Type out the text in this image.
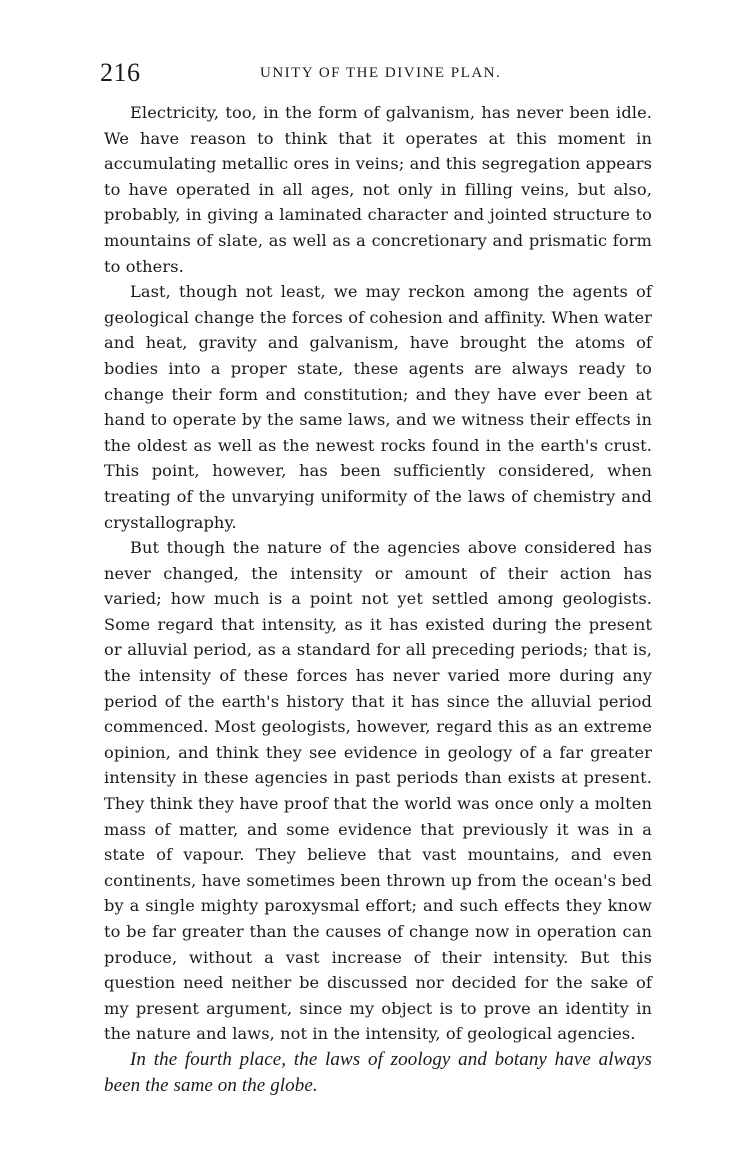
216	UNITY OF THE DIVINE PLAN.

Electricity, too, in the form of galvanism, has never been idle. We have reason to think that it operates at this moment in accumulating metallic ores in veins; and this segregation appears to have operated in all ages, not only in filling veins, but also, probably, in giving a laminated character and jointed structure to mountains of slate, as well as a concretionary and prismatic form to others.

Last, though not least, we may reckon among the agents of geological change the forces of cohesion and affinity. When water and heat, gravity and galvanism, have brought the atoms of bodies into a proper state, these agents are always ready to change their form and constitution; and they have ever been at hand to operate by the same laws, and we witness their effects in the oldest as well as the newest rocks found in the earth's crust. This point, however, has been sufficiently considered, when treating of the unvarying uniformity of the laws of chemistry and crystallography.

But though the nature of the agencies above considered has never changed, the intensity or amount of their action has varied; how much is a point not yet settled among geologists. Some regard that intensity, as it has existed during the present or alluvial period, as a standard for all preceding periods; that is, the intensity of these forces has never varied more during any period of the earth's history that it has since the alluvial period commenced. Most geologists, however, regard this as an extreme opinion, and think they see evidence in geology of a far greater intensity in these agencies in past periods than exists at present. They think they have proof that the world was once only a molten mass of matter, and some evidence that previously it was in a state of vapour. They believe that vast mountains, and even continents, have sometimes been thrown up from the ocean's bed by a single mighty paroxysmal effort; and such effects they know to be far greater than the causes of change now in operation can produce, without a vast increase of their intensity. But this question need neither be discussed nor decided for the sake of my present argument, since my object is to prove an identity in the nature and laws, not in the intensity, of geological agencies.

In the fourth place, the laws of zoology and botany have always been the same on the globe.
